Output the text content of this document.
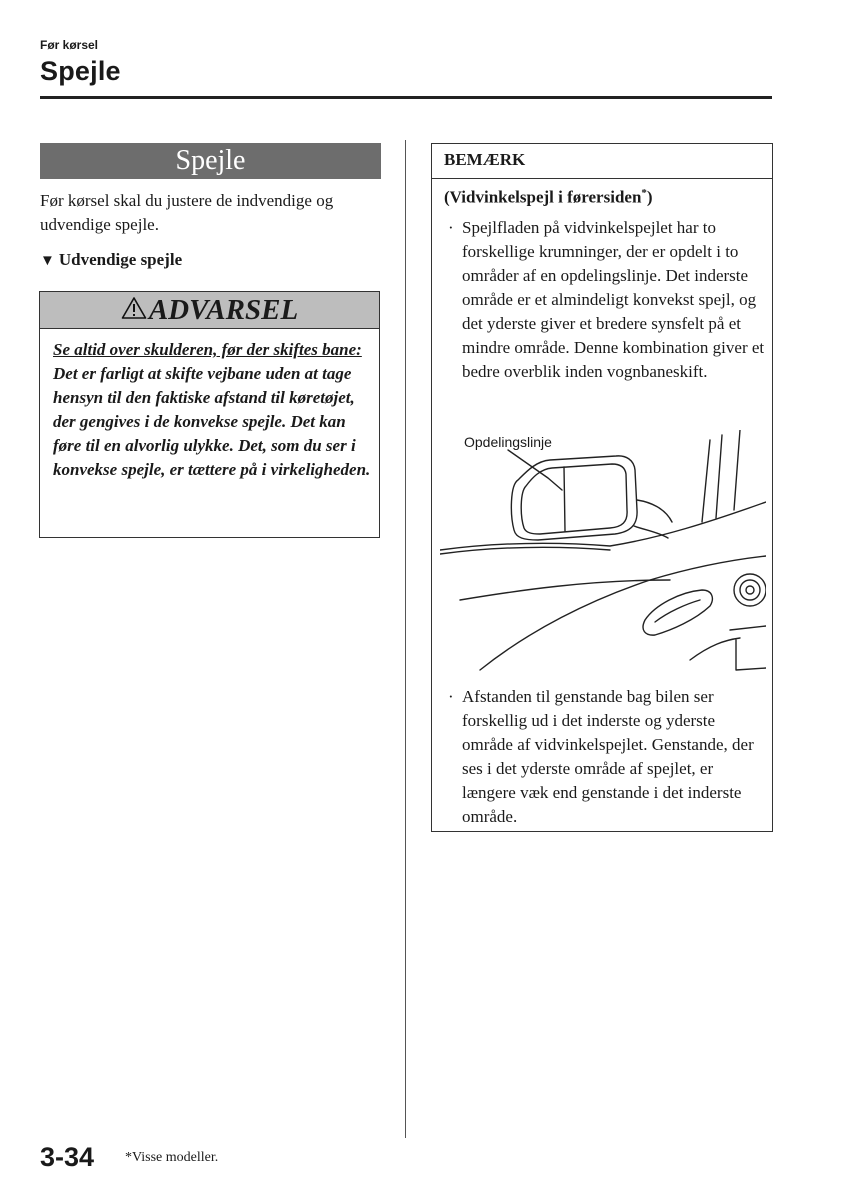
Før kørsel
Spejle
Spejle
Før kørsel skal du justere de indvendige og udvendige spejle.
▼ Udvendige spejle
ADVARSEL
Se altid over skulderen, før der skiftes bane:
Det er farligt at skifte vejbane uden at tage hensyn til den faktiske afstand til køretøjet, der gengives i de konvekse spejle. Det kan føre til en alvorlig ulykke. Det, som du ser i konvekse spejle, er tættere på i virkeligheden.
BEMÆRK
(Vidvinkelspejl i førersiden*)
· Spejlfladen på vidvinkelspejlet har to forskellige krumninger, der er opdelt i to områder af en opdelingslinje. Det inderste område er et almindeligt konvekst spejl, og det yderste giver et bredere synsfelt på et mindre område. Denne kombination giver et bedre overblik inden vognbaneskift.
Opdelingslinje
· Afstanden til genstande bag bilen ser forskellig ud i det inderste og yderste område af vidvinkelspejlet. Genstande, der ses i det yderste område af spejlet, er længere væk end genstande i det inderste område.
3-34 *Visse modeller.
